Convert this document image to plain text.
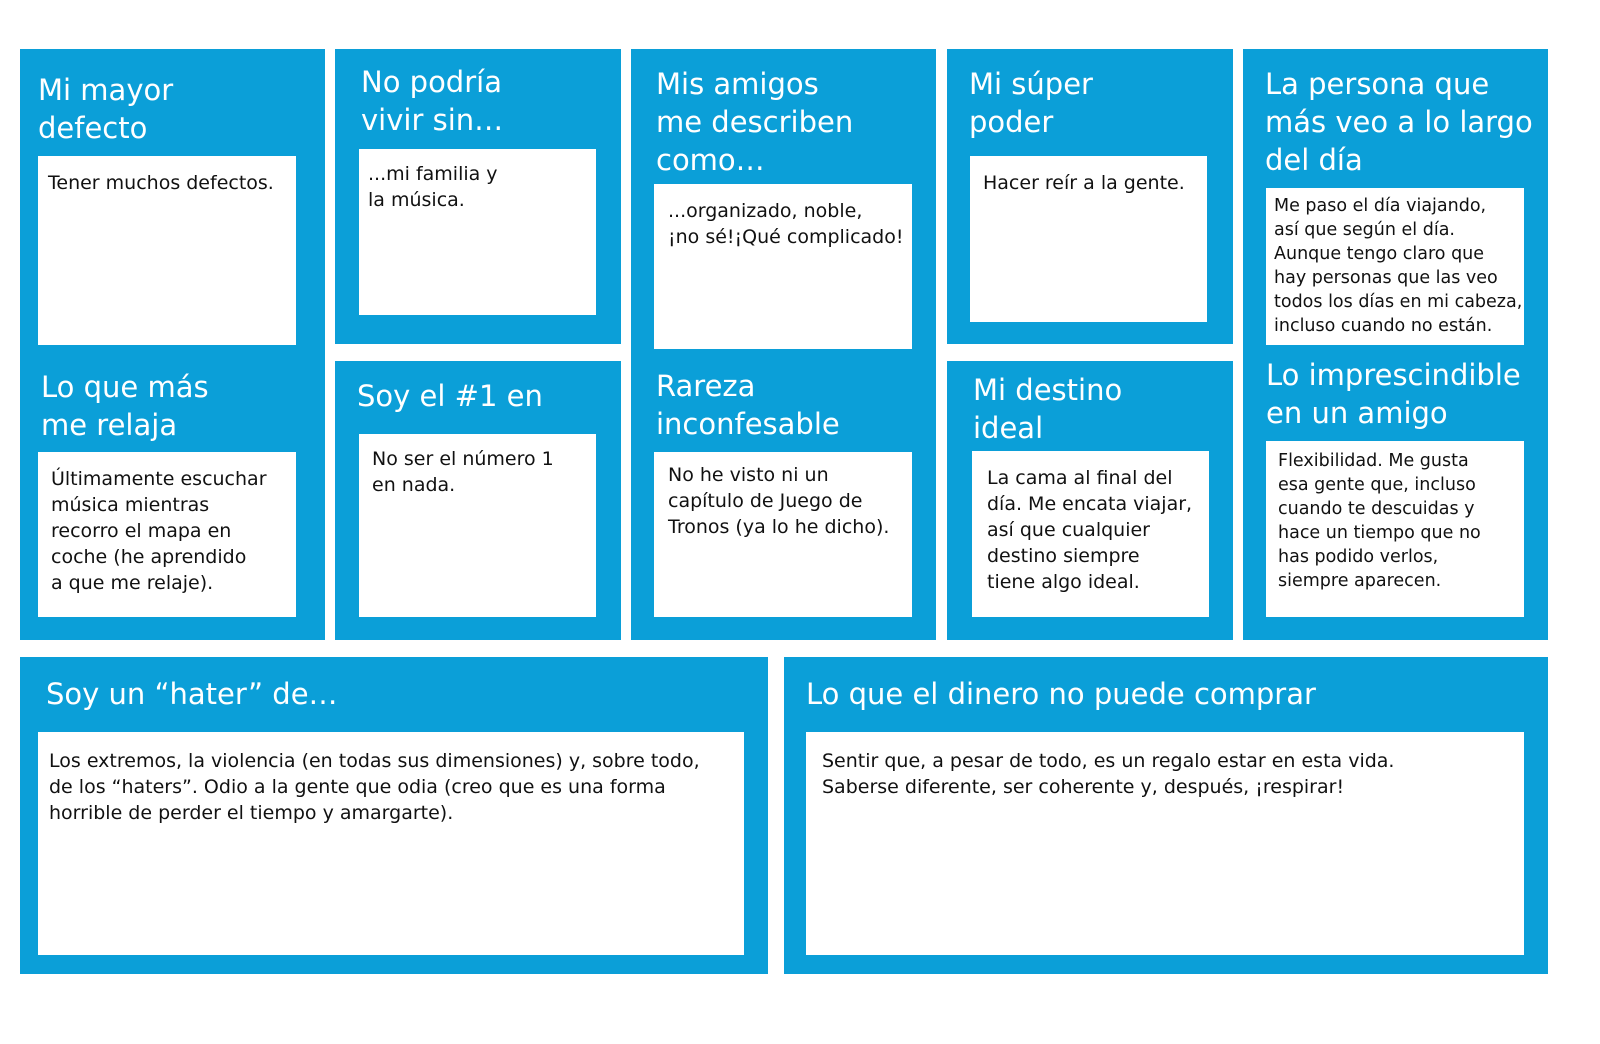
Mi mayor
defecto

Tener muchos defectos.

Lo que más
me relaja

Últimamente escuchar
música mientras
recorro el mapa en
coche (he aprendido
a que me relaje).

No podría
vivir sin…

...mi familia y
la música.

Soy el #1 en

No ser el número 1
en nada.

Mis amigos
me describen
como…

...organizado, noble,
¡no sé!¡Qué complicado!

Rareza
inconfesable

No he visto ni un
capítulo de Juego de
Tronos (ya lo he dicho).

Mi súper
poder

Hacer reír a la gente.

Mi destino
ideal

La cama al final del
día. Me encata viajar,
así que cualquier
destino siempre
tiene algo ideal.

La persona que
más veo a lo largo
del día

Me paso el día viajando,
así que según el día.
Aunque tengo claro que
hay personas que las veo
todos los días en mi cabeza,
incluso cuando no están.

Lo imprescindible
en un amigo

Flexibilidad. Me gusta
esa gente que, incluso
cuando te descuidas y
hace un tiempo que no
has podido verlos,
siempre aparecen.

Soy un “hater” de…

Los extremos, la violencia (en todas sus dimensiones) y, sobre todo,
de los “haters”. Odio a la gente que odia (creo que es una forma
horrible de perder el tiempo y amargarte).

Lo que el dinero no puede comprar

Sentir que, a pesar de todo, es un regalo estar en esta vida.
Saberse diferente, ser coherente y, después, ¡respirar!
